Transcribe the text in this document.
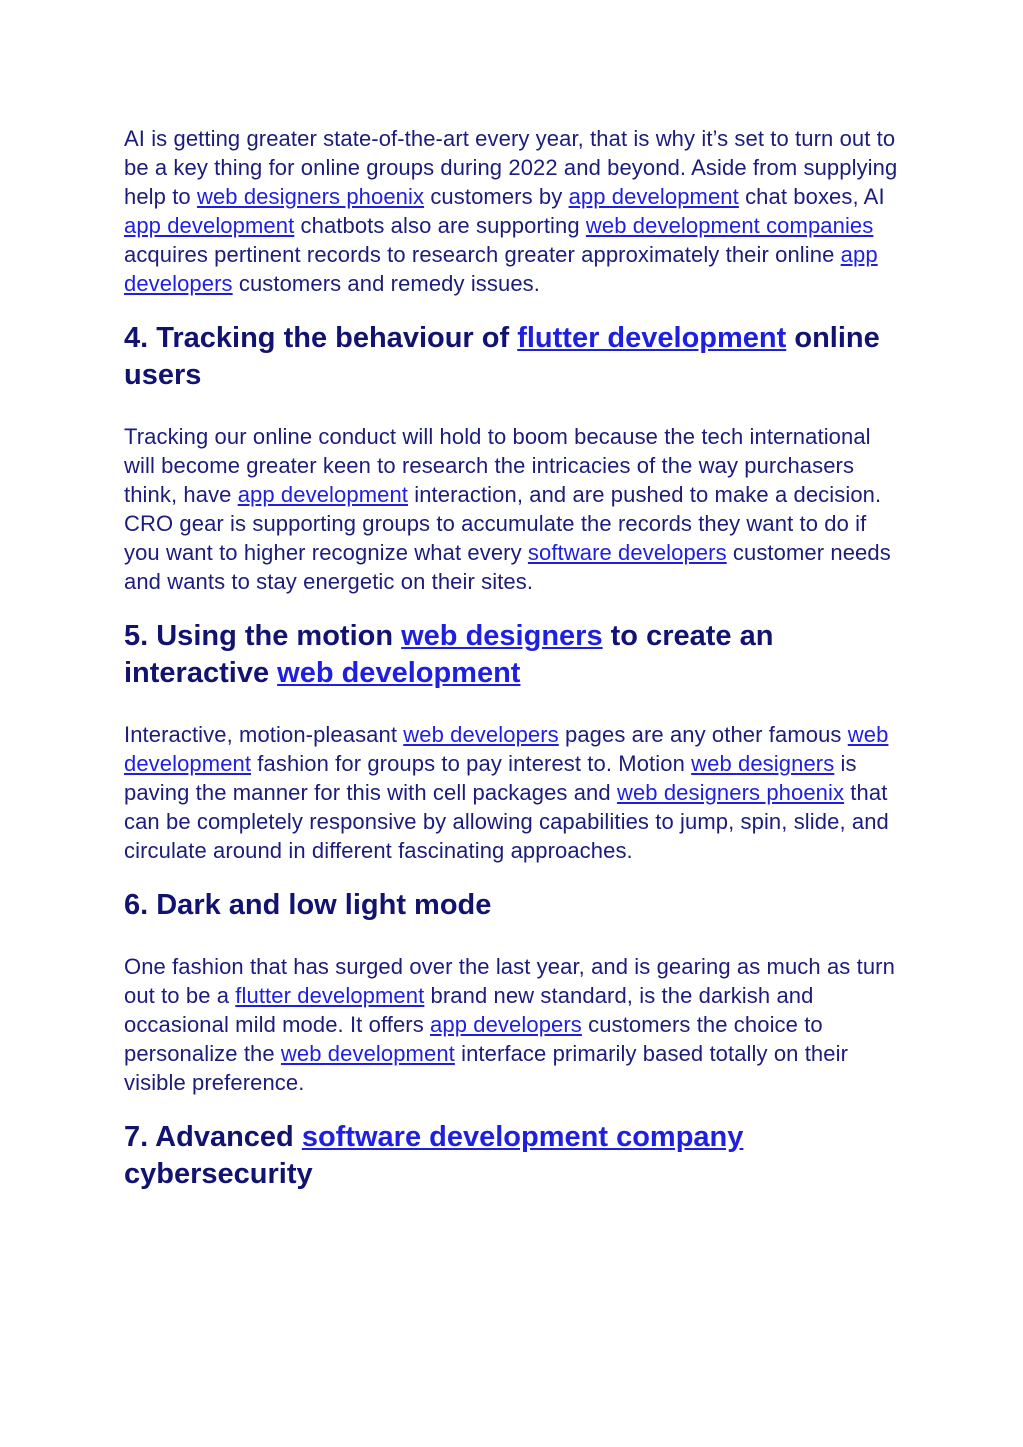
AI is getting greater state-of-the-art every year, that is why it’s set to turn out to be a key thing for online groups during 2022 and beyond. Aside from supplying help to web designers phoenix customers by app development chat boxes, AI app development chatbots also are supporting web development companies acquires pertinent records to research greater approximately their online app developers customers and remedy issues.

4. Tracking the behaviour of flutter development online users

Tracking our online conduct will hold to boom because the tech international will become greater keen to research the intricacies of the way purchasers think, have app development interaction, and are pushed to make a decision. CRO gear is supporting groups to accumulate the records they want to do if you want to higher recognize what every software developers customer needs and wants to stay energetic on their sites.

5. Using the motion web designers to create an interactive web development

Interactive, motion-pleasant web developers pages are any other famous web development fashion for groups to pay interest to. Motion web designers is paving the manner for this with cell packages and web designers phoenix that can be completely responsive by allowing capabilities to jump, spin, slide, and circulate around in different fascinating approaches.

6. Dark and low light mode

One fashion that has surged over the last year, and is gearing as much as turn out to be a flutter development brand new standard, is the darkish and occasional mild mode. It offers app developers customers the choice to personalize the web development interface primarily based totally on their visible preference.

7. Advanced software development company cybersecurity
